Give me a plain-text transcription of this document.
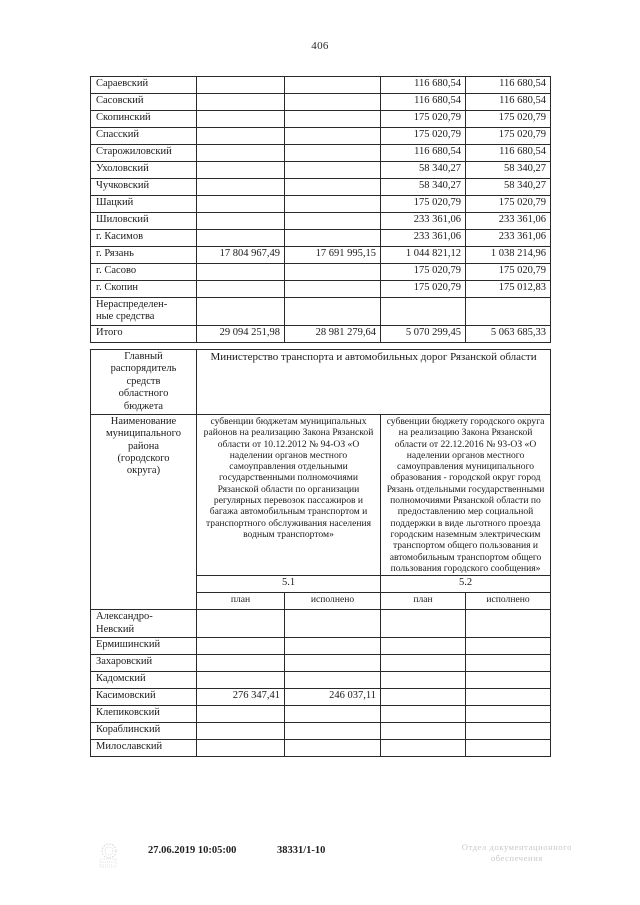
406
Сараевский			116 680,54	116 680,54
Сасовский			116 680,54	116 680,54
Скопинский			175 020,79	175 020,79
Спасский			175 020,79	175 020,79
Старожиловский			116 680,54	116 680,54
Ухоловский			58 340,27	58 340,27
Чучковский			58 340,27	58 340,27
Шацкий			175 020,79	175 020,79
Шиловский			233 361,06	233 361,06
г. Касимов			233 361,06	233 361,06
г. Рязань	17 804 967,49	17 691 995,15	1 044 821,12	1 038 214,96
г. Сасово			175 020,79	175 020,79
г. Скопин			175 020,79	175 012,83
Нераспределен-
ные средства				
Итого	29 094 251,98	28 981 279,64	5 070 299,45	5 063 685,33
Главный
распорядитель
средств
областного
бюджета	Министерство транспорта и автомобильных дорог Рязанской области			
Наименование
муниципального
района
(городского
округа)	субвенции бюджетам муниципальных районов на реализацию Закона Рязанской области от 10.12.2012 № 94-ОЗ «О наделении органов местного самоуправления отдельными государственными полномочиями Рязанской области по организации регулярных перевозок пассажиров и багажа автомобильным транспортом и транспортного обслуживания населения водным транспортом»	субвенции бюджету городского округа на реализацию Закона Рязанской области от 22.12.2016 № 93-ОЗ «О наделении органов местного самоуправления муниципального образования - городской округ город Рязань отдельными государственными полномочиями Рязанской области по предоставлению мер социальной поддержки в виде льготного проезда городским наземным электрическим транспортом общего пользования и автомобильным транспортом общего пользования городского сообщения»
	5.1		5.2	
	план	исполнено	план	исполнено
Александро-
Невский				
Ермишинский				
Захаровский				
Кадомский				
Касимовский	276 347,41	246 037,11		
Клепиковский				
Кораблинский				
Милославский				
27.06.2019 10:05:00	38331/1-10	Отдел документационного
обеспечения
